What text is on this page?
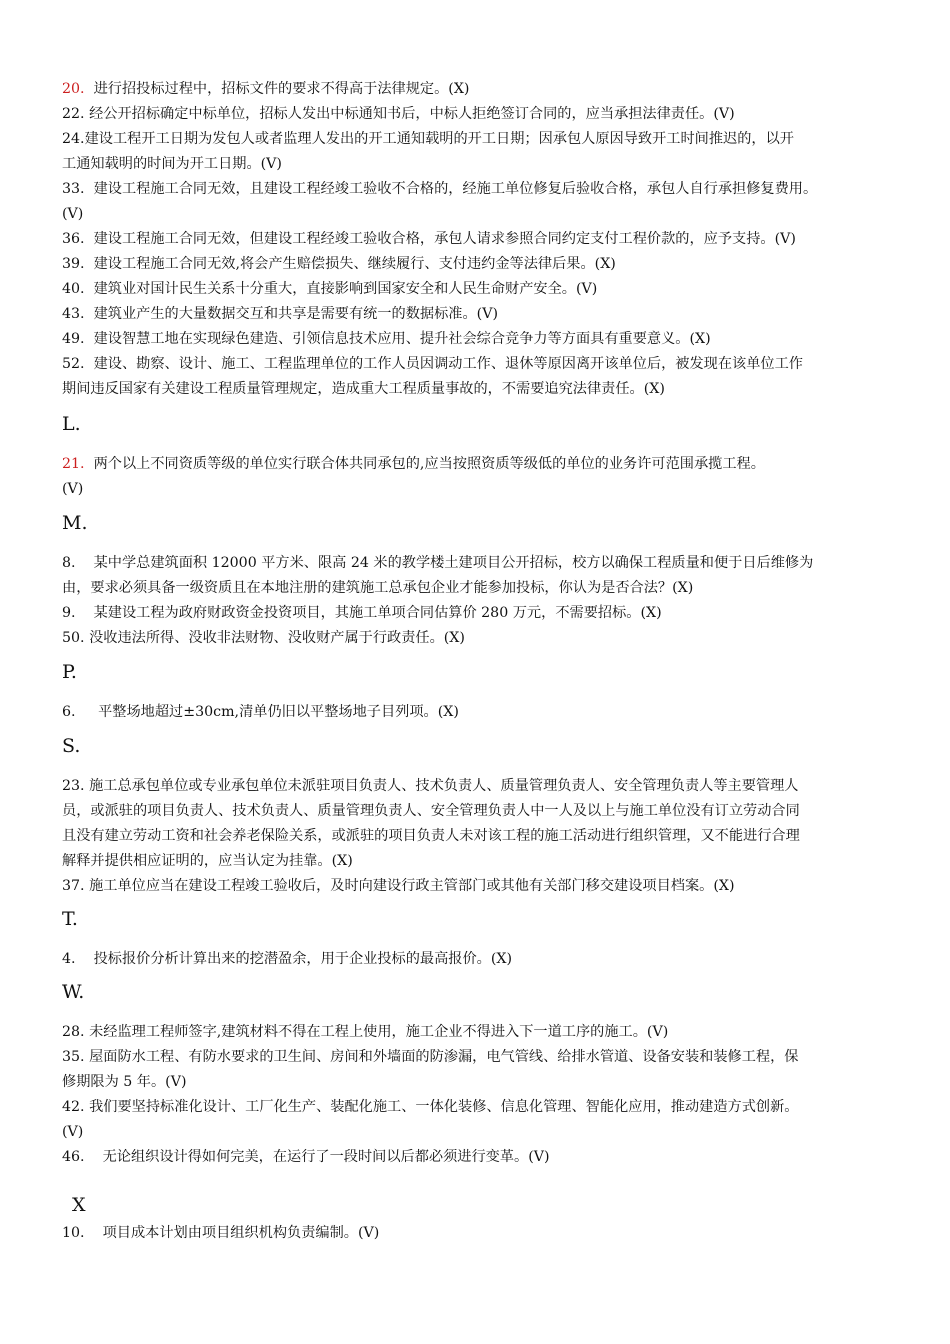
20.  进行招投标过程中，招标文件的要求不得高于法律规定。(X)
22. 经公开招标确定中标单位，招标人发出中标通知书后，中标人拒绝签订合同的，应当承担法律责任。(V)
24.建设工程开工日期为发包人或者监理人发出的开工通知载明的开工日期；因承包人原因导致开工时间推迟的，以开
工通知载明的时间为开工日期。(V)
33.  建设工程施工合同无效，且建设工程经竣工验收不合格的，经施工单位修复后验收合格，承包人自行承担修复费用。
(V)
36.  建设工程施工合同无效，但建设工程经竣工验收合格，承包人请求参照合同约定支付工程价款的，应予支持。(V)
39.  建设工程施工合同无效,将会产生赔偿损失、继续履行、支付违约金等法律后果。(X)
40.  建筑业对国计民生关系十分重大，直接影响到国家安全和人民生命财产安全。(V)
43.  建筑业产生的大量数据交互和共享是需要有统一的数据标准。(V)
49.  建设智慧工地在实现绿色建造、引领信息技术应用、提升社会综合竞争力等方面具有重要意义。(X)
52.  建设、勘察、设计、施工、工程监理单位的工作人员因调动工作、退休等原因离开该单位后，被发现在该单位工作
期间违反国家有关建设工程质量管理规定，造成重大工程质量事故的，不需要追究法律责任。(X)
21.  两个以上不同资质等级的单位实行联合体共同承包的,应当按照资质等级低的单位的业务许可范围承揽工程。
(V)
8.    某中学总建筑面积 12000 平方米、限高 24 米的教学楼土建项目公开招标，校方以确保工程质量和便于日后维修为
由，要求必须具备一级资质且在本地注册的建筑施工总承包企业才能参加投标，你认为是否合法？(X)
9.    某建设工程为政府财政资金投资项目，其施工单项合同估算价 280 万元，不需要招标。(X)
50. 没收违法所得、没收非法财物、没收财产属于行政责任。(X)
6.     平整场地超过±30cm,清单仍旧以平整场地子目列项。(X)
23. 施工总承包单位或专业承包单位未派驻项目负责人、技术负责人、质量管理负责人、安全管理负责人等主要管理人
员，或派驻的项目负责人、技术负责人、质量管理负责人、安全管理负责人中一人及以上与施工单位没有订立劳动合同
且没有建立劳动工资和社会养老保险关系，或派驻的项目负责人未对该工程的施工活动进行组织管理，又不能进行合理
解释并提供相应证明的，应当认定为挂靠。(X)
37. 施工单位应当在建设工程竣工验收后，及时向建设行政主管部门或其他有关部门移交建设项目档案。(X)
4.    投标报价分析计算出来的挖潜盈余，用于企业投标的最高报价。(X)
28. 未经监理工程师签字,建筑材料不得在工程上使用，施工企业不得进入下一道工序的施工。(V)
35. 屋面防水工程、有防水要求的卫生间、房间和外墙面的防渗漏，电气管线、给排水管道、设备安装和装修工程，保
修期限为 5 年。(V)
42. 我们要坚持标准化设计、工厂化生产、装配化施工、一体化装修、信息化管理、智能化应用，推动建造方式创新。
(V)
46.    无论组织设计得如何完美，在运行了一段时间以后都必须进行变革。(V)
10.    项目成本计划由项目组织机构负责编制。(V)
L.
M.
P.
S.
T.
W.
X
